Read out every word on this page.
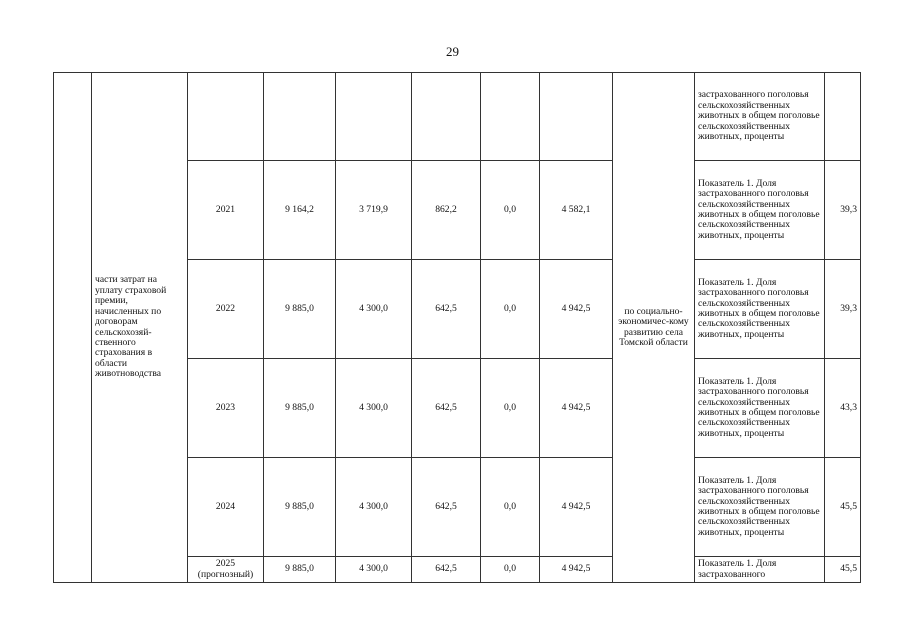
29
	части затрат на уплату страховой премии, начисленных по договорам сельскохозяй-ственного страхования в области животноводства							по социально-экономичес-кому развитию села Томской области	застрахованного поголовья сельскохозяйственных животных в общем поголовье сельскохозяйственных животных, проценты	
		2021	9 164,2	3 719,9	862,2	0,0	4 582,1		Показатель 1. Доля застрахованного поголовья сельскохозяйственных животных в общем поголовье сельскохозяйственных животных, проценты	39,3
		2022	9 885,0	4 300,0	642,5	0,0	4 942,5		Показатель 1. Доля застрахованного поголовья сельскохозяйственных животных в общем поголовье сельскохозяйственных животных, проценты	39,3
		2023	9 885,0	4 300,0	642,5	0,0	4 942,5		Показатель 1. Доля застрахованного поголовья сельскохозяйственных животных в общем поголовье сельскохозяйственных животных, проценты	43,3
		2024	9 885,0	4 300,0	642,5	0,0	4 942,5		Показатель 1. Доля застрахованного поголовья сельскохозяйственных животных в общем поголовье сельскохозяйственных животных, проценты	45,5
		2025 (прогнозный)	9 885,0	4 300,0	642,5	0,0	4 942,5		Показатель 1. Доля застрахованного	45,5
